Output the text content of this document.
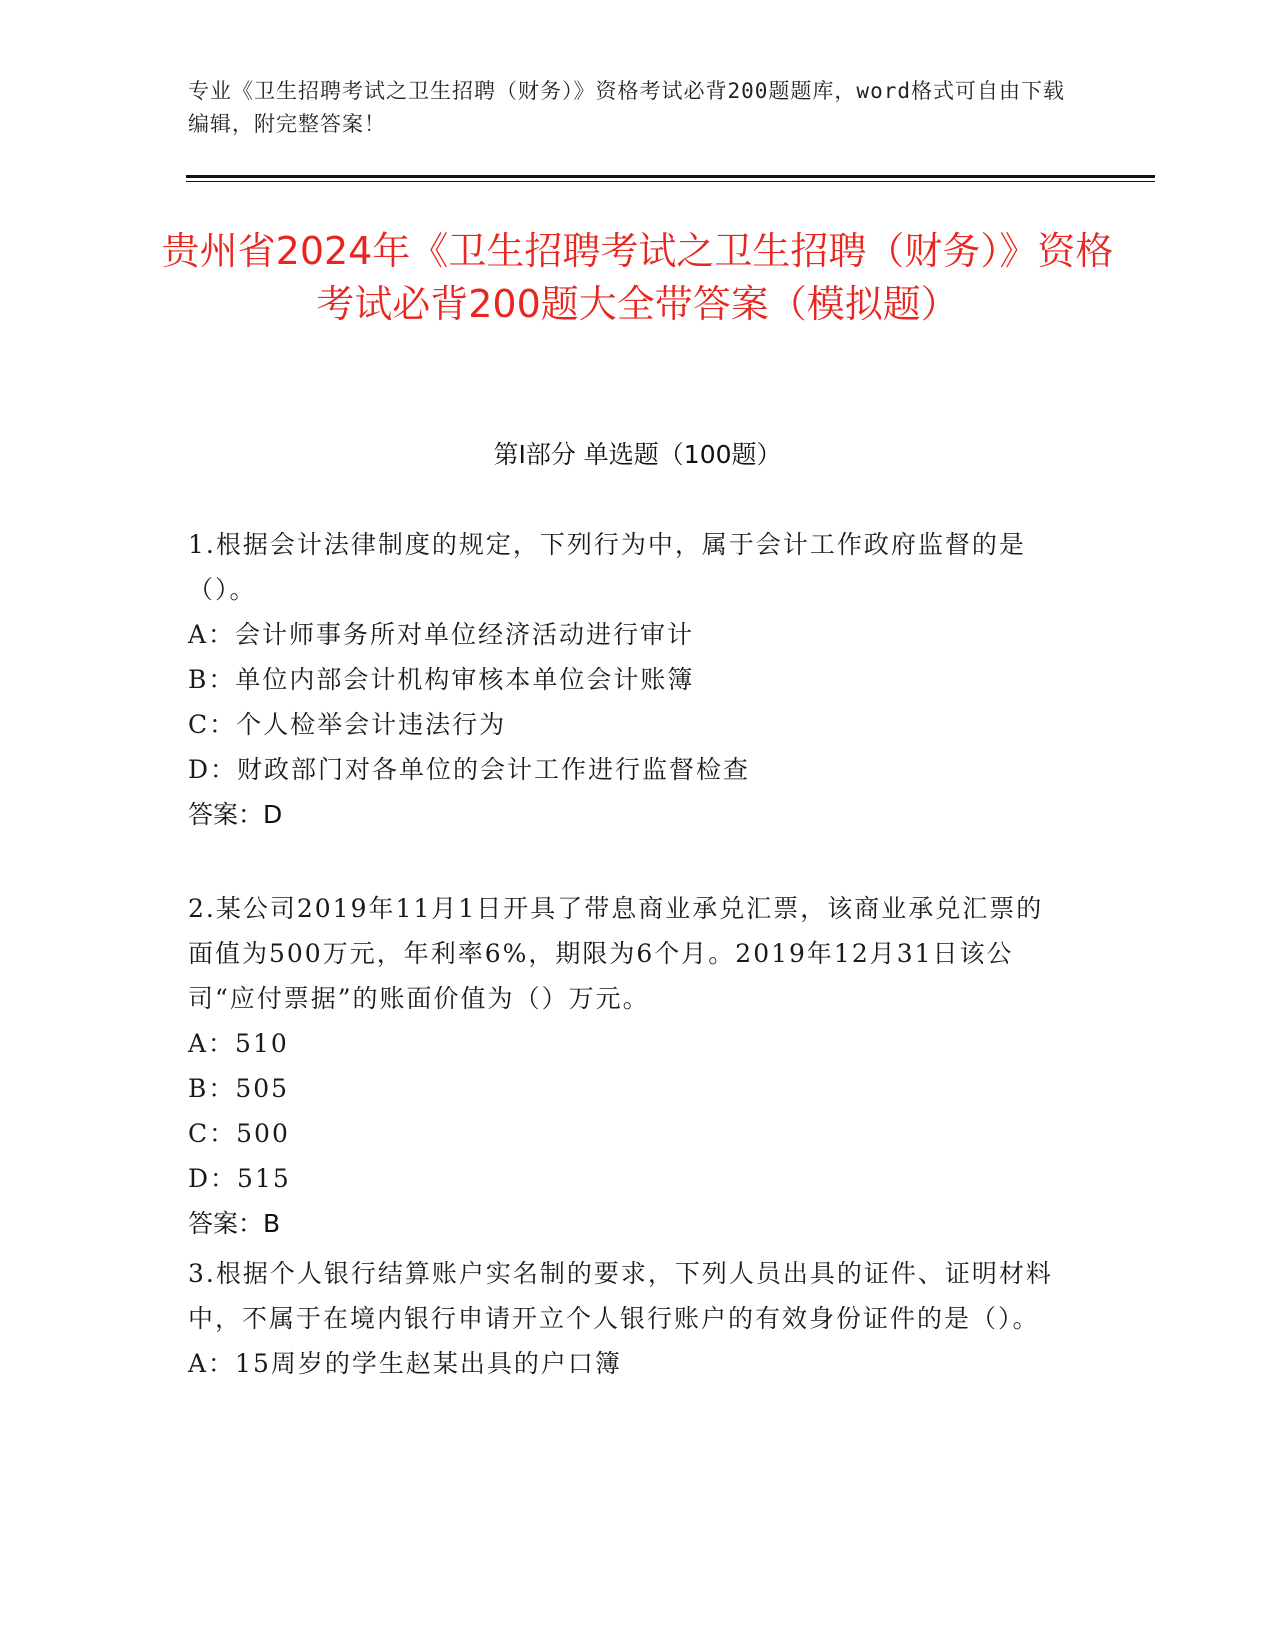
专业《卫生招聘考试之卫生招聘（财务）》资格考试必背200题题库，word格式可自由下载编辑，附完整答案！
贵州省2024年《卫生招聘考试之卫生招聘（财务）》资格考试必背200题大全带答案（模拟题）
第Ⅰ部分 单选题（100题）

1.根据会计法律制度的规定，下列行为中，属于会计工作政府监督的是（）。

A：会计师事务所对单位经济活动进行审计

B：单位内部会计机构审核本单位会计账簿

C：个人检举会计违法行为

D：财政部门对各单位的会计工作进行监督检查

答案：D

2.某公司2019年11月1日开具了带息商业承兑汇票，该商业承兑汇票的面值为500万元，年利率6%，期限为6个月。2019年12月31日该公司“应付票据”的账面价值为（）万元。

A：510

B：505

C：500

D：515

答案：B

3.根据个人银行结算账户实名制的要求，下列人员出具的证件、证明材料中，不属于在境内银行申请开立个人银行账户的有效身份证件的是（）。

A：15周岁的学生赵某出具的户口簿
